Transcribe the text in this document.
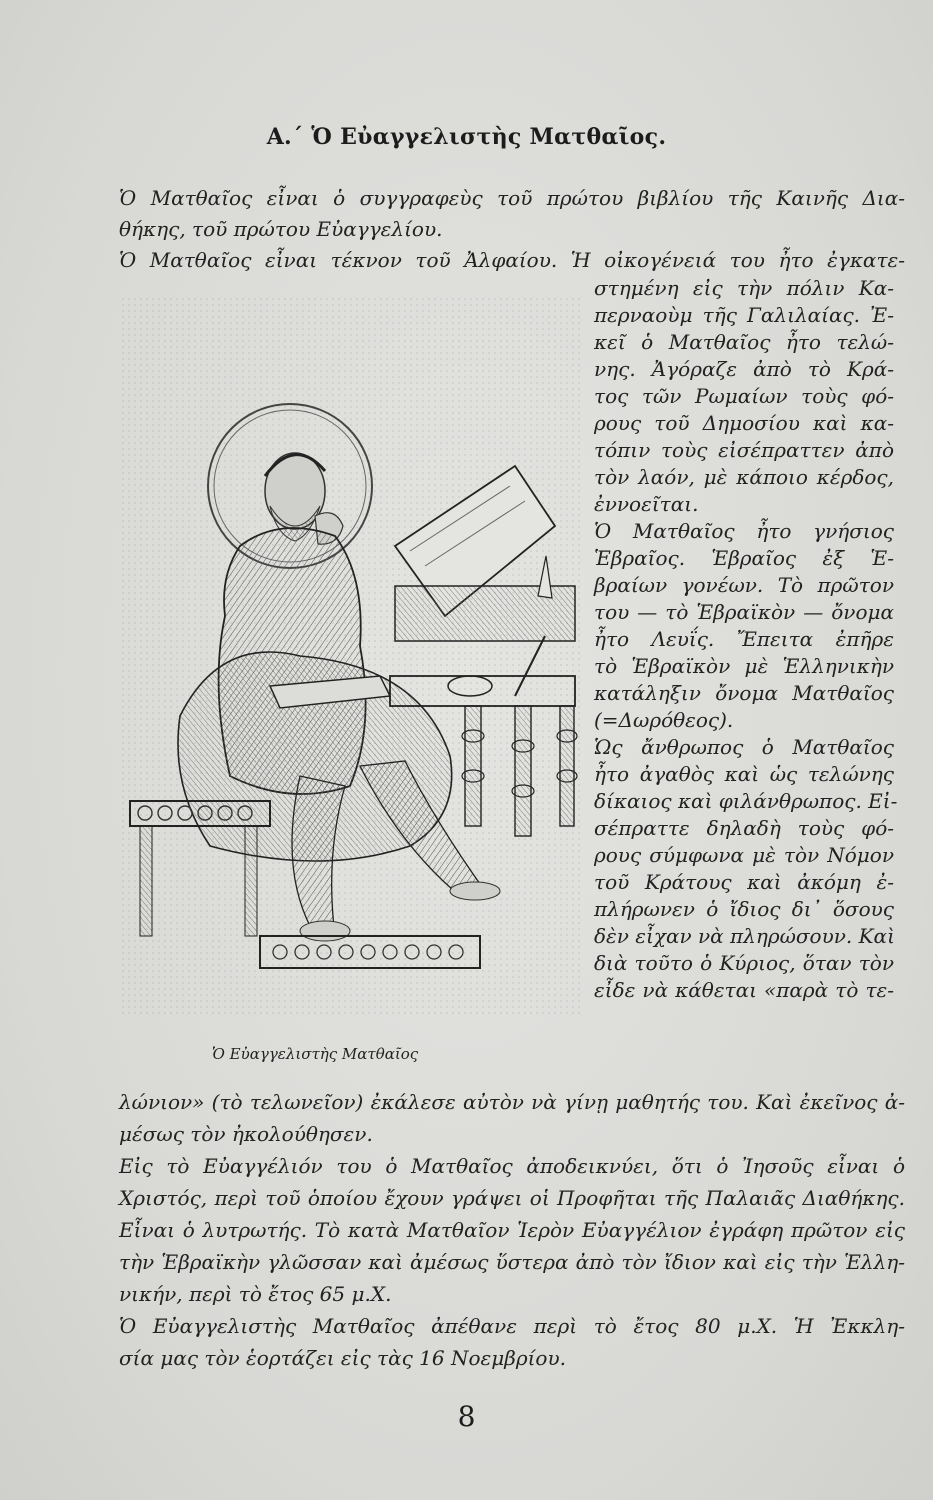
Α.΄ Ὁ Εὐαγγελιστὴς Ματθαῖος.
Ὁ Ματθαῖος εἶναι ὁ συγγραφεὺς τοῦ πρώτου βιβλίου τῆς Καινῆς Δια-
θήκης, τοῦ πρώτου Εὐαγγελίου.
Ὁ Ματθαῖος εἶναι τέκνον τοῦ Ἀλφαίου. Ἡ οἰκογένειά του ἦτο ἐγκατε-
στημένη εἰς τὴν πόλιν Κα-
περναοὺμ τῆς Γαλιλαίας. Ἐ-
κεῖ ὁ Ματθαῖος ἦτο τελώ-
νης. Ἀγόραζε ἀπὸ τὸ Κρά-
τος τῶν Ρωμαίων τοὺς φό-
ρους τοῦ Δημοσίου καὶ κα-
τόπιν τοὺς εἰσέπραττεν ἀπὸ
τὸν λαόν, μὲ κάποιο κέρδος,
ἐννοεῖται.
Ὁ Ματθαῖος ἦτο γνήσιος
Ἑβραῖος. Ἑβραῖος ἐξ Ἑ-
βραίων γονέων. Τὸ πρῶτον
του — τὸ Ἑβραϊκὸν — ὄνομα
ἦτο Λευΐς. Ἔπειτα ἐπῆρε
τὸ Ἑβραϊκὸν μὲ Ἑλληνικὴν
κατάληξιν ὄνομα Ματθαῖος
(=Δωρόθεος).
Ὡς ἄνθρωπος ὁ Ματθαῖος
ἦτο ἀγαθὸς καὶ ὡς τελώνης
δίκαιος καὶ φιλάνθρωπος. Εἰ-
σέπραττε δηλαδὴ τοὺς φό-
ρους σύμφωνα μὲ τὸν Νόμον
τοῦ Κράτους καὶ ἀκόμη ἐ-
πλήρωνεν ὁ ἴδιος δι᾽ ὅσους
δὲν εἶχαν νὰ πληρώσουν. Καὶ
διὰ τοῦτο ὁ Κύριος, ὅταν τὸν
εἶδε νὰ κάθεται «παρὰ τὸ τε-
Ὁ Εὐαγγελιστὴς Ματθαῖος
λώνιον» (τὸ τελωνεῖον) ἐκάλεσε αὐτὸν νὰ γίνῃ μαθητής του. Καὶ ἐκεῖνος ἀ-
μέσως τὸν ἠκολούθησεν.
Εἰς τὸ Εὐαγγέλιόν του ὁ Ματθαῖος ἀποδεικνύει, ὅτι ὁ Ἰησοῦς εἶναι ὁ
Χριστός, περὶ τοῦ ὁποίου ἔχουν γράψει οἱ Προφῆται τῆς Παλαιᾶς Διαθήκης.
Εἶναι ὁ λυτρωτής. Τὸ κατὰ Ματθαῖον Ἱερὸν Εὐαγγέλιον ἐγράφη πρῶτον εἰς
τὴν Ἑβραϊκὴν γλῶσσαν καὶ ἀμέσως ὕστερα ἀπὸ τὸν ἴδιον καὶ εἰς τὴν Ἑλλη-
νικήν, περὶ τὸ ἔτος 65 μ.Χ.
Ὁ Εὐαγγελιστὴς Ματθαῖος ἀπέθανε περὶ τὸ ἔτος 80 μ.Χ. Ἡ Ἐκκλη-
σία μας τὸν ἑορτάζει εἰς τὰς 16 Νοεμβρίου.
8
